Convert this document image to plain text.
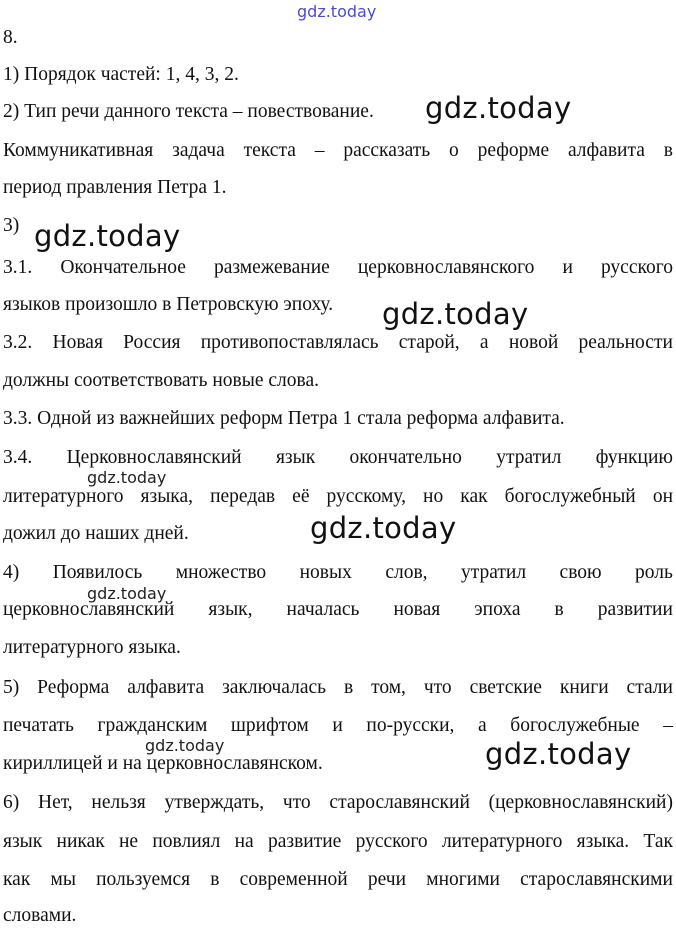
8.
1) Порядок частей: 1, 4, 3, 2.
2) Тип речи данного текста – повествование.
Коммуникативная задача текста – рассказать о реформе алфавита в
период правления Петра 1.
3)
3.1. Окончательное размежевание церковнославянского и русского
языков произошло в Петровскую эпоху.
3.2. Новая Россия противопоставлялась старой, а новой реальности
должны соответствовать новые слова.
3.3. Одной из важнейших реформ Петра 1 стала реформа алфавита.
3.4. Церковнославянский язык окончательно утратил функцию
литературного языка, передав её русскому, но как богослужебный он
дожил до наших дней.
4) Появилось множество новых слов, утратил свою роль
церковнославянский язык, началась новая эпоха в развитии
литературного языка.
5) Реформа алфавита заключалась в том, что светские книги стали
печатать гражданским шрифтом и по-русски, а богослужебные –
кириллицей и на церковнославянском.
6) Нет, нельзя утверждать, что старославянский (церковнославянский)
язык никак не повлиял на развитие русского литературного языка. Так
как мы пользуемся в современной речи многими старославянскими
словами.
gdz.today
gdz.today
gdz.today
gdz.today
gdz.today
gdz.today
gdz.today
gdz.today	gdz.today
